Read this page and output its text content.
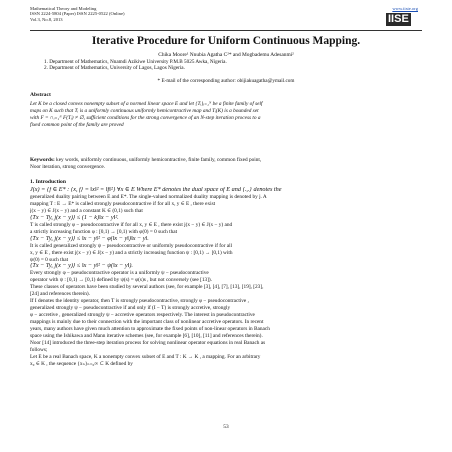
Mathematical Theory and Modeling
ISSN 2224-5804 (Paper) ISSN 2225-0522 (Online)
Vol.3, No.8, 2013
www.iiste.org
IISE
Iterative Procedure for Uniform Continuous Mapping.
Chika Moore¹ Nnubia Agatha C²* and Mogbademu Adesanmi²
1. Department of Mathematics, Nnamdi Azikiwe University P.M.B 5025 Awka, Nigeria.
2. Department of Mathematics, University of Lagos, Lagos Nigeria.
* E-mail of the corresponding author: obijiakuagatha@ymail.com
Abstract
Let K be a closed convex nonempty subset of a normed linear space E and let {Tᵢ}ᵢ₌₁ᴺ be a finite family of self
maps on K such that Tᵢ is a uniformly continuous uniformly hemicontractive map and Tᵢ(K) is a bounded set
with F = ∩ᵢ₌₁ᴺ F(Tᵢ) ≠ ∅, sufficient conditions for the strong convergence of an N-step iteration process to a
fixed common point of the family are proved
Keywords: key words, uniformly continuous, uniformly hemicontractive, finite family, common fixed point,
Noor iteration, strong convergence.
1. Introduction
J(x) = {f ∈ E* : ⟨x, f⟩ = ‖x‖² = ‖f‖²} ∀x ∈ E Where E* denotes the dual space of E and ⟨.,.⟩ denotes the
generalized duality pairing between E and E*. The single-valued normalized duality mapping is denoted by j. A
mapping T : E → E* is called strongly pseudocontractive if for all x, y ∈ E , there exist
j(x − y) ∈ J(x − y) and a constant K ∈ (0,1) such that
⟨Tx − Ty, j(x − y)⟩ ≤ (1 − k)‖x − y‖².
T is called strongly φ − pseudocontractive if for all x, y ∈ E , there exist j(x − y) ∈ J(x − y) and
a strictly increasing function φ : [0,1) → [0,1) with φ(0) = 0 such that
⟨Tx − Ty, j(x − y)⟩ ≤ ‖x − y‖² − φ(‖x − y‖)‖x − y‖.
It is called generalized strongly ψ − pseudocontractive or uniformly pseudocontractive if for all
x, y ∈ E , there exist j(x − y) ∈ J(x − y) and a strictly increasing function ψ : [0,1) → [0,1) with
ψ(0) = 0 such that
⟨Tx − Ty, j(x − y)⟩ ≤ ‖x − y‖² − ψ(‖x − y‖).
Every strongly φ − pseudocontractive operator is a uniformly ψ − pseudocontractive
operator with ψ : [0,1) → [0,1) defined by ψ(s) = φ(s)s , but not conversely (see [13]).
These classes of operators have been studied by several authors (see, for example [3], [4], [7], [13], [19], [23],
[24] and references therein).
If I denotes the identity operator, then T is strongly pseudocontractive, strongly φ − pseudocontractive ,
generalized strongly ψ − pseudocontractive if and only if (I − T) is strongly accretive, strongly
φ − accretive , generalized strongly ψ − accretive operators respectively. The interest in pseudocontractive
mappings is mainly due to their connection with the important class of nonlinear accretive operators. In recent
years, many authors have given much attention to approximate the fixed points of non-linear operators in Banach
space using the Ishikawa and Mann iterative schemes (see, for example [6], [10], [11] and references therein).
Noor [14] introduced the three-step iteration process for solving nonlinear operator equations in real Banach as
follows;
Let E be a real Banach space, K a nonempty convex subset of E and T : K → K , a mapping. For an arbitrary
x₀ ∈ K , the sequence {xₙ}ₙ₌₀∞ ⊂ K defined by
53
